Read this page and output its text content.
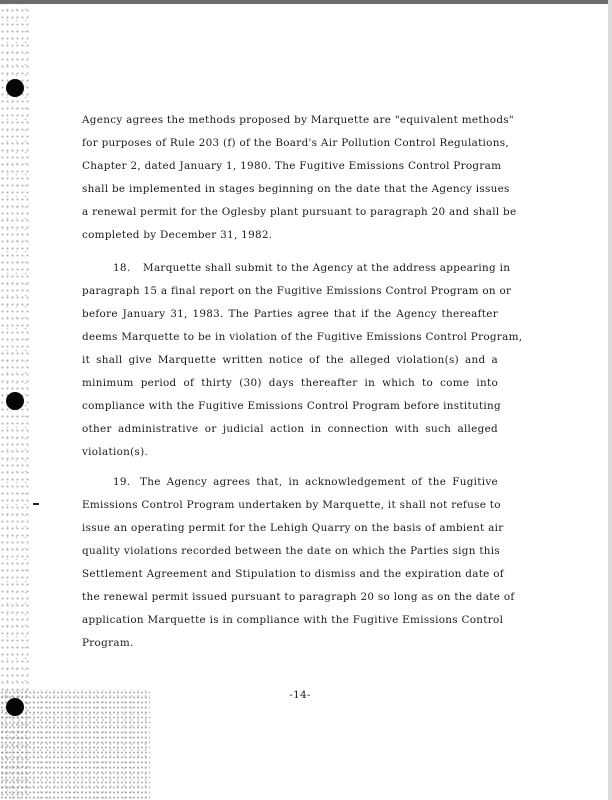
Agency agrees the methods proposed by Marquette are "equivalent methods"
for purposes of Rule 203 (f) of the Board's Air Pollution Control Regulations,
Chapter 2, dated January 1, 1980. The Fugitive Emissions Control Program
shall be implemented in stages beginning on the date that the Agency issues
a renewal permit for the Oglesby plant pursuant to paragraph 20 and shall be
completed by December 31, 1982.
18. Marquette shall submit to the Agency at the address appearing in
paragraph 15 a final report on the Fugitive Emissions Control Program on or
before January 31, 1983. The Parties agree that if the Agency thereafter
deems Marquette to be in violation of the Fugitive Emissions Control Program,
it shall give Marquette written notice of the alleged violation(s) and a
minimum period of thirty (30) days thereafter in which to come into
compliance with the Fugitive Emissions Control Program before instituting
other administrative or judicial action in connection with such alleged
violation(s).
19. The Agency agrees that, in acknowledgement of the Fugitive
Emissions Control Program undertaken by Marquette, it shall not refuse to
issue an operating permit for the Lehigh Quarry on the basis of ambient air
quality violations recorded between the date on which the Parties sign this
Settlement Agreement and Stipulation to dismiss and the expiration date of
the renewal permit issued pursuant to paragraph 20 so long as on the date of
application Marquette is in compliance with the Fugitive Emissions Control
Program.
-14-
